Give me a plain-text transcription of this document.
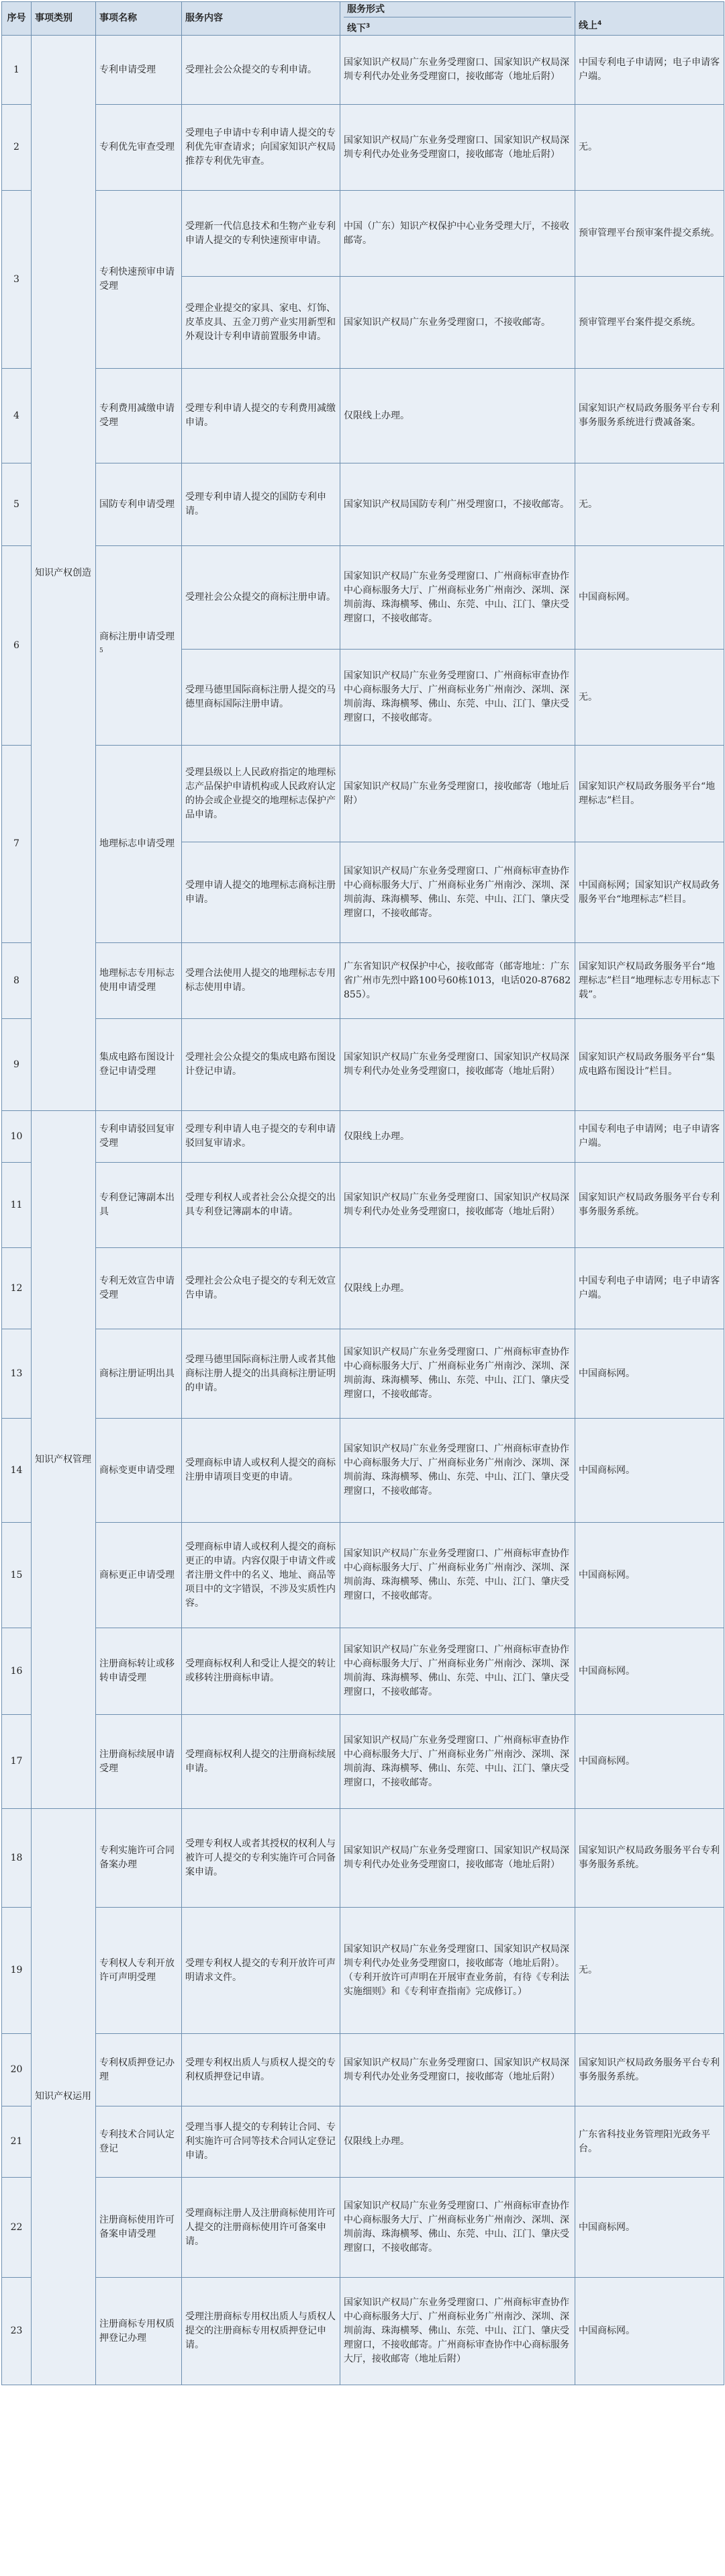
序号	事项类别	事项名称	服务内容	服务形式
线下$^3$	线上$^4$
1	知识产权创造	专利申请受理	受理社会公众提交的专利申请。	国家知识产权局广东业务受理窗口、国家知识产权局深圳专利代办处业务受理窗口，接收邮寄（地址后附）	中国专利电子申请网；电子申请客户端。
2		专利优先审查受理	受理电子申请中专利申请人提交的专利优先审查请求；向国家知识产权局推荐专利优先审查。	国家知识产权局广东业务受理窗口、国家知识产权局深圳专利代办处业务受理窗口，接收邮寄（地址后附）	无。
3		专利快速预审申请受理	受理新一代信息技术和生物产业专利申请人提交的专利快速预审申请。	中国（广东）知识产权保护中心业务受理大厅，不接收邮寄。	预审管理平台预审案件提交系统。
			受理企业提交的家具、家电、灯饰、皮革皮具、五金刀剪产业实用新型和外观设计专利申请前置服务申请。	国家知识产权局广东业务受理窗口，不接收邮寄。	预审管理平台案件提交系统。
4		专利费用减缴申请受理	受理专利申请人提交的专利费用减缴申请。	仅限线上办理。	国家知识产权局政务服务平台专利事务服务系统进行费减备案。
5		国防专利申请受理	受理专利申请人提交的国防专利申请。	国家知识产权局国防专利广州受理窗口，不接收邮寄。	无。
6		商标注册申请受理$^5$	受理社会公众提交的商标注册申请。	国家知识产权局广东业务受理窗口、广州商标审查协作中心商标服务大厅、广州商标业务广州南沙、深圳、深圳前海、珠海横琴、佛山、东莞、中山、江门、肇庆受理窗口，不接收邮寄。	中国商标网。
			受理马德里国际商标注册人提交的马德里商标国际注册申请。	国家知识产权局广东业务受理窗口、广州商标审查协作中心商标服务大厅、广州商标业务广州南沙、深圳、深圳前海、珠海横琴、佛山、东莞、中山、江门、肇庆受理窗口，不接收邮寄。	无。
7		地理标志申请受理	受理县级以上人民政府指定的地理标志产品保护申请机构或人民政府认定的协会或企业提交的地理标志保护产品申请。	国家知识产权局广东业务受理窗口，接收邮寄（地址后附）	国家知识产权局政务服务平台“地理标志”栏目。
			受理申请人提交的地理标志商标注册申请。	国家知识产权局广东业务受理窗口、广州商标审查协作中心商标服务大厅、广州商标业务广州南沙、深圳、深圳前海、珠海横琴、佛山、东莞、中山、江门、肇庆受理窗口，不接收邮寄。	中国商标网；国家知识产权局政务服务平台“地理标志”栏目。
8		地理标志专用标志使用申请受理	受理合法使用人提交的地理标志专用标志使用申请。	广东省知识产权保护中心，接收邮寄（邮寄地址：广东省广州市先烈中路100号60栋1013，电话020-87682855）。	国家知识产权局政务服务平台“地理标志”栏目“地理标志专用标志下载”。
9		集成电路布图设计登记申请受理	受理社会公众提交的集成电路布图设计登记申请。	国家知识产权局广东业务受理窗口、国家知识产权局深圳专利代办处业务受理窗口，接收邮寄（地址后附）	国家知识产权局政务服务平台“集成电路布图设计”栏目。
10	知识产权管理	专利申请驳回复审受理	受理专利申请人电子提交的专利申请驳回复审请求。	仅限线上办理。	中国专利电子申请网；电子申请客户端。
11		专利登记簿副本出具	受理专利权人或者社会公众提交的出具专利登记簿副本的申请。	国家知识产权局广东业务受理窗口、国家知识产权局深圳专利代办处业务受理窗口，接收邮寄（地址后附）	国家知识产权局政务服务平台专利事务服务系统。
12		专利无效宣告申请受理	受理社会公众电子提交的专利无效宣告申请。	仅限线上办理。	中国专利电子申请网；电子申请客户端。
13		商标注册证明出具	受理马德里国际商标注册人或者其他商标注册人提交的出具商标注册证明的申请。	国家知识产权局广东业务受理窗口、广州商标审查协作中心商标服务大厅、广州商标业务广州南沙、深圳、深圳前海、珠海横琴、佛山、东莞、中山、江门、肇庆受理窗口，不接收邮寄。	中国商标网。
14		商标变更申请受理	受理商标申请人或权利人提交的商标注册申请项目变更的申请。	国家知识产权局广东业务受理窗口、广州商标审查协作中心商标服务大厅、广州商标业务广州南沙、深圳、深圳前海、珠海横琴、佛山、东莞、中山、江门、肇庆受理窗口，不接收邮寄。	中国商标网。
15		商标更正申请受理	受理商标申请人或权利人提交的商标更正的申请。内容仅限于申请文件或者注册文件中的名义、地址、商品等项目中的文字错误，不涉及实质性内容。	国家知识产权局广东业务受理窗口、广州商标审查协作中心商标服务大厅、广州商标业务广州南沙、深圳、深圳前海、珠海横琴、佛山、东莞、中山、江门、肇庆受理窗口，不接收邮寄。	中国商标网。
16		注册商标转让或移转申请受理	受理商标权利人和受让人提交的转让或移转注册商标申请。	国家知识产权局广东业务受理窗口、广州商标审查协作中心商标服务大厅、广州商标业务广州南沙、深圳、深圳前海、珠海横琴、佛山、东莞、中山、江门、肇庆受理窗口，不接收邮寄。	中国商标网。
17		注册商标续展申请受理	受理商标权利人提交的注册商标续展申请。	国家知识产权局广东业务受理窗口、广州商标审查协作中心商标服务大厅、广州商标业务广州南沙、深圳、深圳前海、珠海横琴、佛山、东莞、中山、江门、肇庆受理窗口，不接收邮寄。	中国商标网。
18	知识产权运用	专利实施许可合同备案办理	受理专利权人或者其授权的权利人与被许可人提交的专利实施许可合同备案申请。	国家知识产权局广东业务受理窗口、国家知识产权局深圳专利代办处业务受理窗口，接收邮寄（地址后附）	国家知识产权局政务服务平台专利事务服务系统。
19		专利权人专利开放许可声明受理	受理专利权人提交的专利开放许可声明请求文件。	国家知识产权局广东业务受理窗口、国家知识产权局深圳专利代办处业务受理窗口，接收邮寄（地址后附）。（专利开放许可声明在开展审查业务前，有待《专利法实施细则》和《专利审查指南》完成修订。）	无。
20		专利权质押登记办理	受理专利权出质人与质权人提交的专利权质押登记申请。	国家知识产权局广东业务受理窗口、国家知识产权局深圳专利代办处业务受理窗口，接收邮寄（地址后附）	国家知识产权局政务服务平台专利事务服务系统。
21		专利技术合同认定登记	受理当事人提交的专利转让合同、专利实施许可合同等技术合同认定登记申请。	仅限线上办理。	广东省科技业务管理阳光政务平台。
22		注册商标使用许可备案申请受理	受理商标注册人及注册商标使用许可人提交的注册商标使用许可备案申请。	国家知识产权局广东业务受理窗口、广州商标审查协作中心商标服务大厅、广州商标业务广州南沙、深圳、深圳前海、珠海横琴、佛山、东莞、中山、江门、肇庆受理窗口，不接收邮寄。	中国商标网。
23		注册商标专用权质押登记办理	受理注册商标专用权出质人与质权人提交的注册商标专用权质押登记申请。	国家知识产权局广东业务受理窗口、广州商标审查协作中心商标服务大厅、广州商标业务广州南沙、深圳、深圳前海、珠海横琴、佛山、东莞、中山、江门、肇庆受理窗口，不接收邮寄。广州商标审查协作中心商标服务大厅，接收邮寄（地址后附）	中国商标网。
